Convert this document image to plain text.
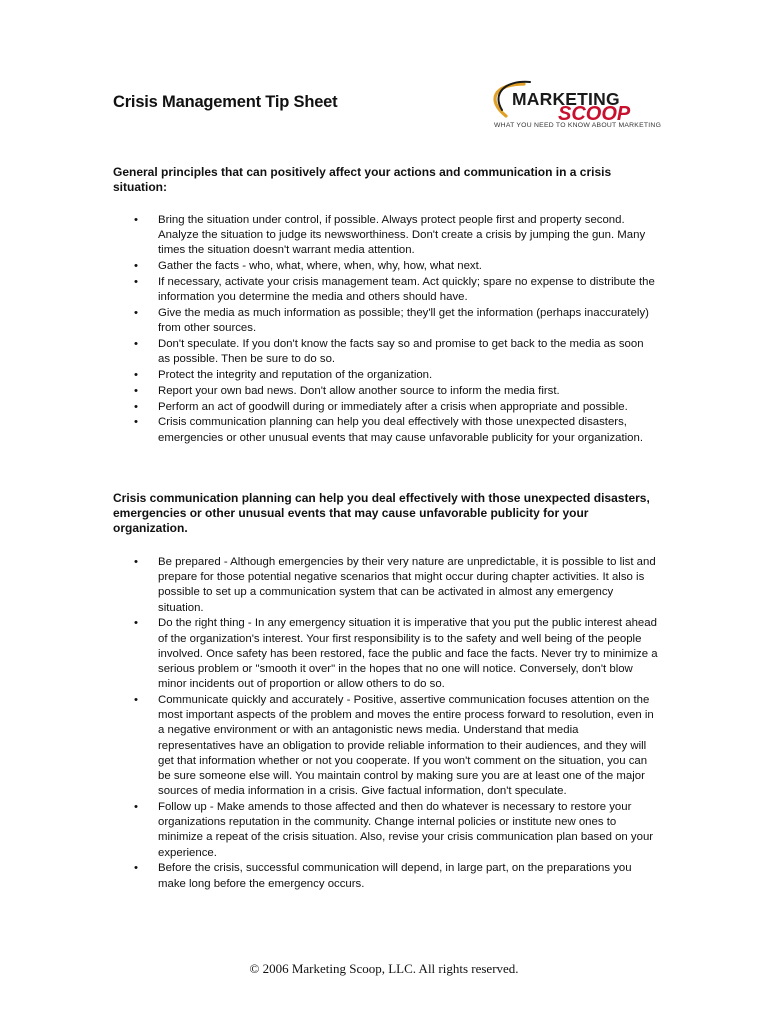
Crisis Management Tip Sheet	MARKETING
SCOOP
WHAT YOU NEED TO KNOW ABOUT MARKETING
General principles that can positively affect your actions and communication in a crisis situation:
• Bring the situation under control, if possible. Always protect people first and property second. Analyze the situation to judge its newsworthiness. Don't create a crisis by jumping the gun. Many times the situation doesn't warrant media attention.
• Gather the facts - who, what, where, when, why, how, what next.
• If necessary, activate your crisis management team. Act quickly; spare no expense to distribute the information you determine the media and others should have.
• Give the media as much information as possible; they'll get the information (perhaps inaccurately) from other sources.
• Don't speculate. If you don't know the facts say so and promise to get back to the media as soon as possible. Then be sure to do so.
• Protect the integrity and reputation of the organization.
• Report your own bad news. Don't allow another source to inform the media first.
• Perform an act of goodwill during or immediately after a crisis when appropriate and possible.
• Crisis communication planning can help you deal effectively with those unexpected disasters, emergencies or other unusual events that may cause unfavorable publicity for your organization.
Crisis communication planning can help you deal effectively with those unexpected disasters, emergencies or other unusual events that may cause unfavorable publicity for your organization.
• Be prepared - Although emergencies by their very nature are unpredictable, it is possible to list and prepare for those potential negative scenarios that might occur during chapter activities. It also is possible to set up a communication system that can be activated in almost any emergency situation.
• Do the right thing - In any emergency situation it is imperative that you put the public interest ahead of the organization's interest. Your first responsibility is to the safety and well being of the people involved. Once safety has been restored, face the public and face the facts. Never try to minimize a serious problem or "smooth it over" in the hopes that no one will notice. Conversely, don't blow minor incidents out of proportion or allow others to do so.
• Communicate quickly and accurately - Positive, assertive communication focuses attention on the most important aspects of the problem and moves the entire process forward to resolution, even in a negative environment or with an antagonistic news media. Understand that media representatives have an obligation to provide reliable information to their audiences, and they will get that information whether or not you cooperate. If you won't comment on the situation, you can be sure someone else will. You maintain control by making sure you are at least one of the major sources of media information in a crisis. Give factual information, don't speculate.
• Follow up - Make amends to those affected and then do whatever is necessary to restore your organizations reputation in the community. Change internal policies or institute new ones to minimize a repeat of the crisis situation. Also, revise your crisis communication plan based on your experience.
• Before the crisis, successful communication will depend, in large part, on the preparations you make long before the emergency occurs.
© 2006 Marketing Scoop, LLC. All rights reserved.
